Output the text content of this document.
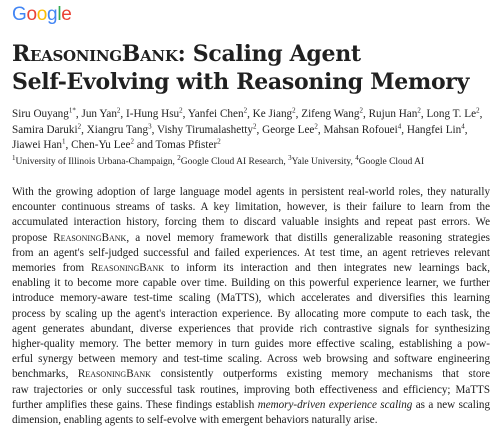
Google
ReasoningBank: Scaling Agent
Self-Evolving with Reasoning Memory
Siru Ouyang$^{1*}$, Jun Yan$^2$, I-Hung Hsu$^2$, Yanfei Chen$^2$, Ke Jiang$^2$, Zifeng Wang$^2$, Rujun Han$^2$, Long T. Le$^2$, Samira Daruki$^2$, Xiangru Tang$^3$, Vishy Tirumalashetty$^2$, George Lee$^2$, Mahsan Rofouei$^4$, Hangfei Lin$^4$, Jiawei Han$^1$, Chen-Yu Lee$^2$ and Tomas Pfister$^2$
$^1$University of Illinois Urbana-Champaign, $^2$Google Cloud AI Research, $^3$Yale University, $^4$Google Cloud AI
With the growing adoption of large language model agents in persistent real-world roles, they naturally
encounter continuous streams of tasks. A key limitation, however, is their failure to learn from the
accumulated interaction history, forcing them to discard valuable insights and repeat past errors. We
propose ReasoningBank, a novel memory framework that distills generalizable reasoning strategies
from an agent's self-judged successful and failed experiences. At test time, an agent retrieves relevant
memories from ReasoningBank to inform its interaction and then integrates new learnings back,
enabling it to become more capable over time. Building on this powerful experience learner, we further
introduce memory-aware test-time scaling (MaTTS), which accelerates and diversifies this learning
process by scaling up the agent's interaction experience. By allocating more compute to each task, the
agent generates abundant, diverse experiences that provide rich contrastive signals for synthesizing
higher-quality memory. The better memory in turn guides more effective scaling, establishing a pow-
erful synergy between memory and test-time scaling. Across web browsing and software engineering
benchmarks, ReasoningBank consistently outperforms existing memory mechanisms that store
raw trajectories or only successful task routines, improving both effectiveness and efficiency; MaTTS
further amplifies these gains. These findings establish memory-driven experience scaling as a new scaling
dimension, enabling agents to self-evolve with emergent behaviors naturally arise.
